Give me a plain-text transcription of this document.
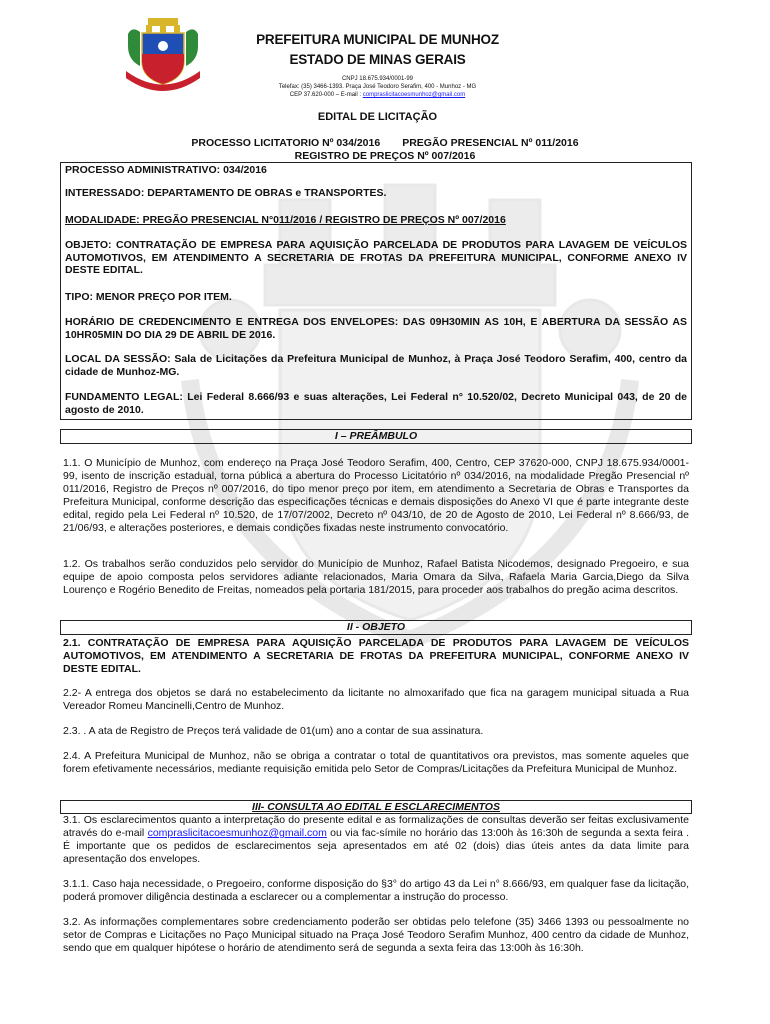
PREFEITURA MUNICIPAL DE MUNHOZ
ESTADO DE MINAS GERAIS
CNPJ 18.675.934/0001-99
Telefax: (35) 3466-1393. Praça José Teodoro Serafim, 400 - Munhoz - MG
CEP 37.620-000 – E-mail : compraslicitacoesmunhoz@gmail.com
EDITAL DE LICITAÇÃO
PROCESSO LICITATORIO Nº 034/2016 PREGÃO PRESENCIAL Nº 011/2016
REGISTRO DE PREÇOS Nº 007/2016

PROCESSO ADMINISTRATIVO: 034/2016

INTERESSADO: DEPARTAMENTO DE OBRAS e TRANSPORTES.

MODALIDADE: PREGÃO PRESENCIAL N°011/2016 / REGISTRO DE PREÇOS Nº 007/2016

OBJETO: CONTRATAÇÃO DE EMPRESA PARA AQUISIÇÃO PARCELADA DE PRODUTOS PARA LAVAGEM DE VEÍCULOS AUTOMOTIVOS, EM ATENDIMENTO A SECRETARIA DE FROTAS DA PREFEITURA MUNICIPAL, CONFORME ANEXO IV DESTE EDITAL.

TIPO: MENOR PREÇO POR ITEM.

HORÁRIO DE CREDENCIMENTO E ENTREGA DOS ENVELOPES: DAS 09H30MIN AS 10H, E ABERTURA DA SESSÃO AS 10HR05MIN DO DIA 29 DE ABRIL DE 2016.

LOCAL DA SESSÃO: Sala de Licitações da Prefeitura Municipal de Munhoz, à Praça José Teodoro Serafim, 400, centro da cidade de Munhoz-MG.

FUNDAMENTO LEGAL: Lei Federal 8.666/93 e suas alterações, Lei Federal n° 10.520/02, Decreto Municipal 043, de 20 de agosto de 2010.

I – PREÂMBULO

1.1. O Município de Munhoz, com endereço na Praça José Teodoro Serafim, 400, Centro, CEP 37620-000, CNPJ 18.675.934/0001-99, isento de inscrição estadual, torna pública a abertura do Processo Licitatório nº 034/2016, na modalidade Pregão Presencial nº 011/2016, Registro de Preços nº 007/2016, do tipo menor preço por item, em atendimento a Secretaria de Obras e Transportes da Prefeitura Municipal, conforme descrição das especificações técnicas e demais disposições do Anexo VI que é parte integrante deste edital, regido pela Lei Federal nº 10.520, de 17/07/2002, Decreto nº 043/10, de 20 de Agosto de 2010, Lei Federal nº 8.666/93, de 21/06/93, e alterações posteriores, e demais condições fixadas neste instrumento convocatório.

1.2. Os trabalhos serão conduzidos pelo servidor do Município de Munhoz, Rafael Batista Nicodemos, designado Pregoeiro, e sua equipe de apoio composta pelos servidores adiante relacionados, Maria Omara da Silva, Rafaela Maria Garcia,Diego da Silva Lourenço e Rogério Benedito de Freitas, nomeados pela portaria 181/2015, para proceder aos trabalhos do pregão acima descritos.

II - OBJETO

2.1. CONTRATAÇÃO DE EMPRESA PARA AQUISIÇÃO PARCELADA DE PRODUTOS PARA LAVAGEM DE VEÍCULOS AUTOMOTIVOS, EM ATENDIMENTO A SECRETARIA DE FROTAS DA PREFEITURA MUNICIPAL, CONFORME ANEXO IV DESTE EDITAL.

2.2- A entrega dos objetos se dará no estabelecimento da licitante no almoxarifado que fica na garagem municipal situada a Rua Vereador Romeu Mancinelli,Centro de Munhoz.

2.3. . A ata de Registro de Preços terá validade de 01(um) ano a contar de sua assinatura.

2.4. A Prefeitura Municipal de Munhoz, não se obriga a contratar o total de quantitativos ora previstos, mas somente aqueles que forem efetivamente necessários, mediante requisição emitida pelo Setor de Compras/Licitações da Prefeitura Municipal de Munhoz.

III- CONSULTA AO EDITAL E ESCLARECIMENTOS

3.1. Os esclarecimentos quanto a interpretação do presente edital e as formalizações de consultas deverão ser feitas exclusivamente através do e-mail compraslicitacoesmunhoz@gmail.com ou via fac-símile no horário das 13:00h às 16:30h de segunda a sexta feira . É importante que os pedidos de esclarecimentos seja apresentados em até 02 (dois) dias úteis antes da data limite para apresentação dos envelopes.

3.1.1. Caso haja necessidade, o Pregoeiro, conforme disposição do §3° do artigo 43 da Lei n° 8.666/93, em qualquer fase da licitação, poderá promover diligência destinada a esclarecer ou a complementar a instrução do processo.

3.2. As informações complementares sobre credenciamento poderão ser obtidas pelo telefone (35) 3466 1393 ou pessoalmente no setor de Compras e Licitações no Paço Municipal situado na Praça José Teodoro Serafim Munhoz, 400 centro da cidade de Munhoz, sendo que em qualquer hipótese o horário de atendimento será de segunda a sexta feira das 13:00h às 16:30h.
